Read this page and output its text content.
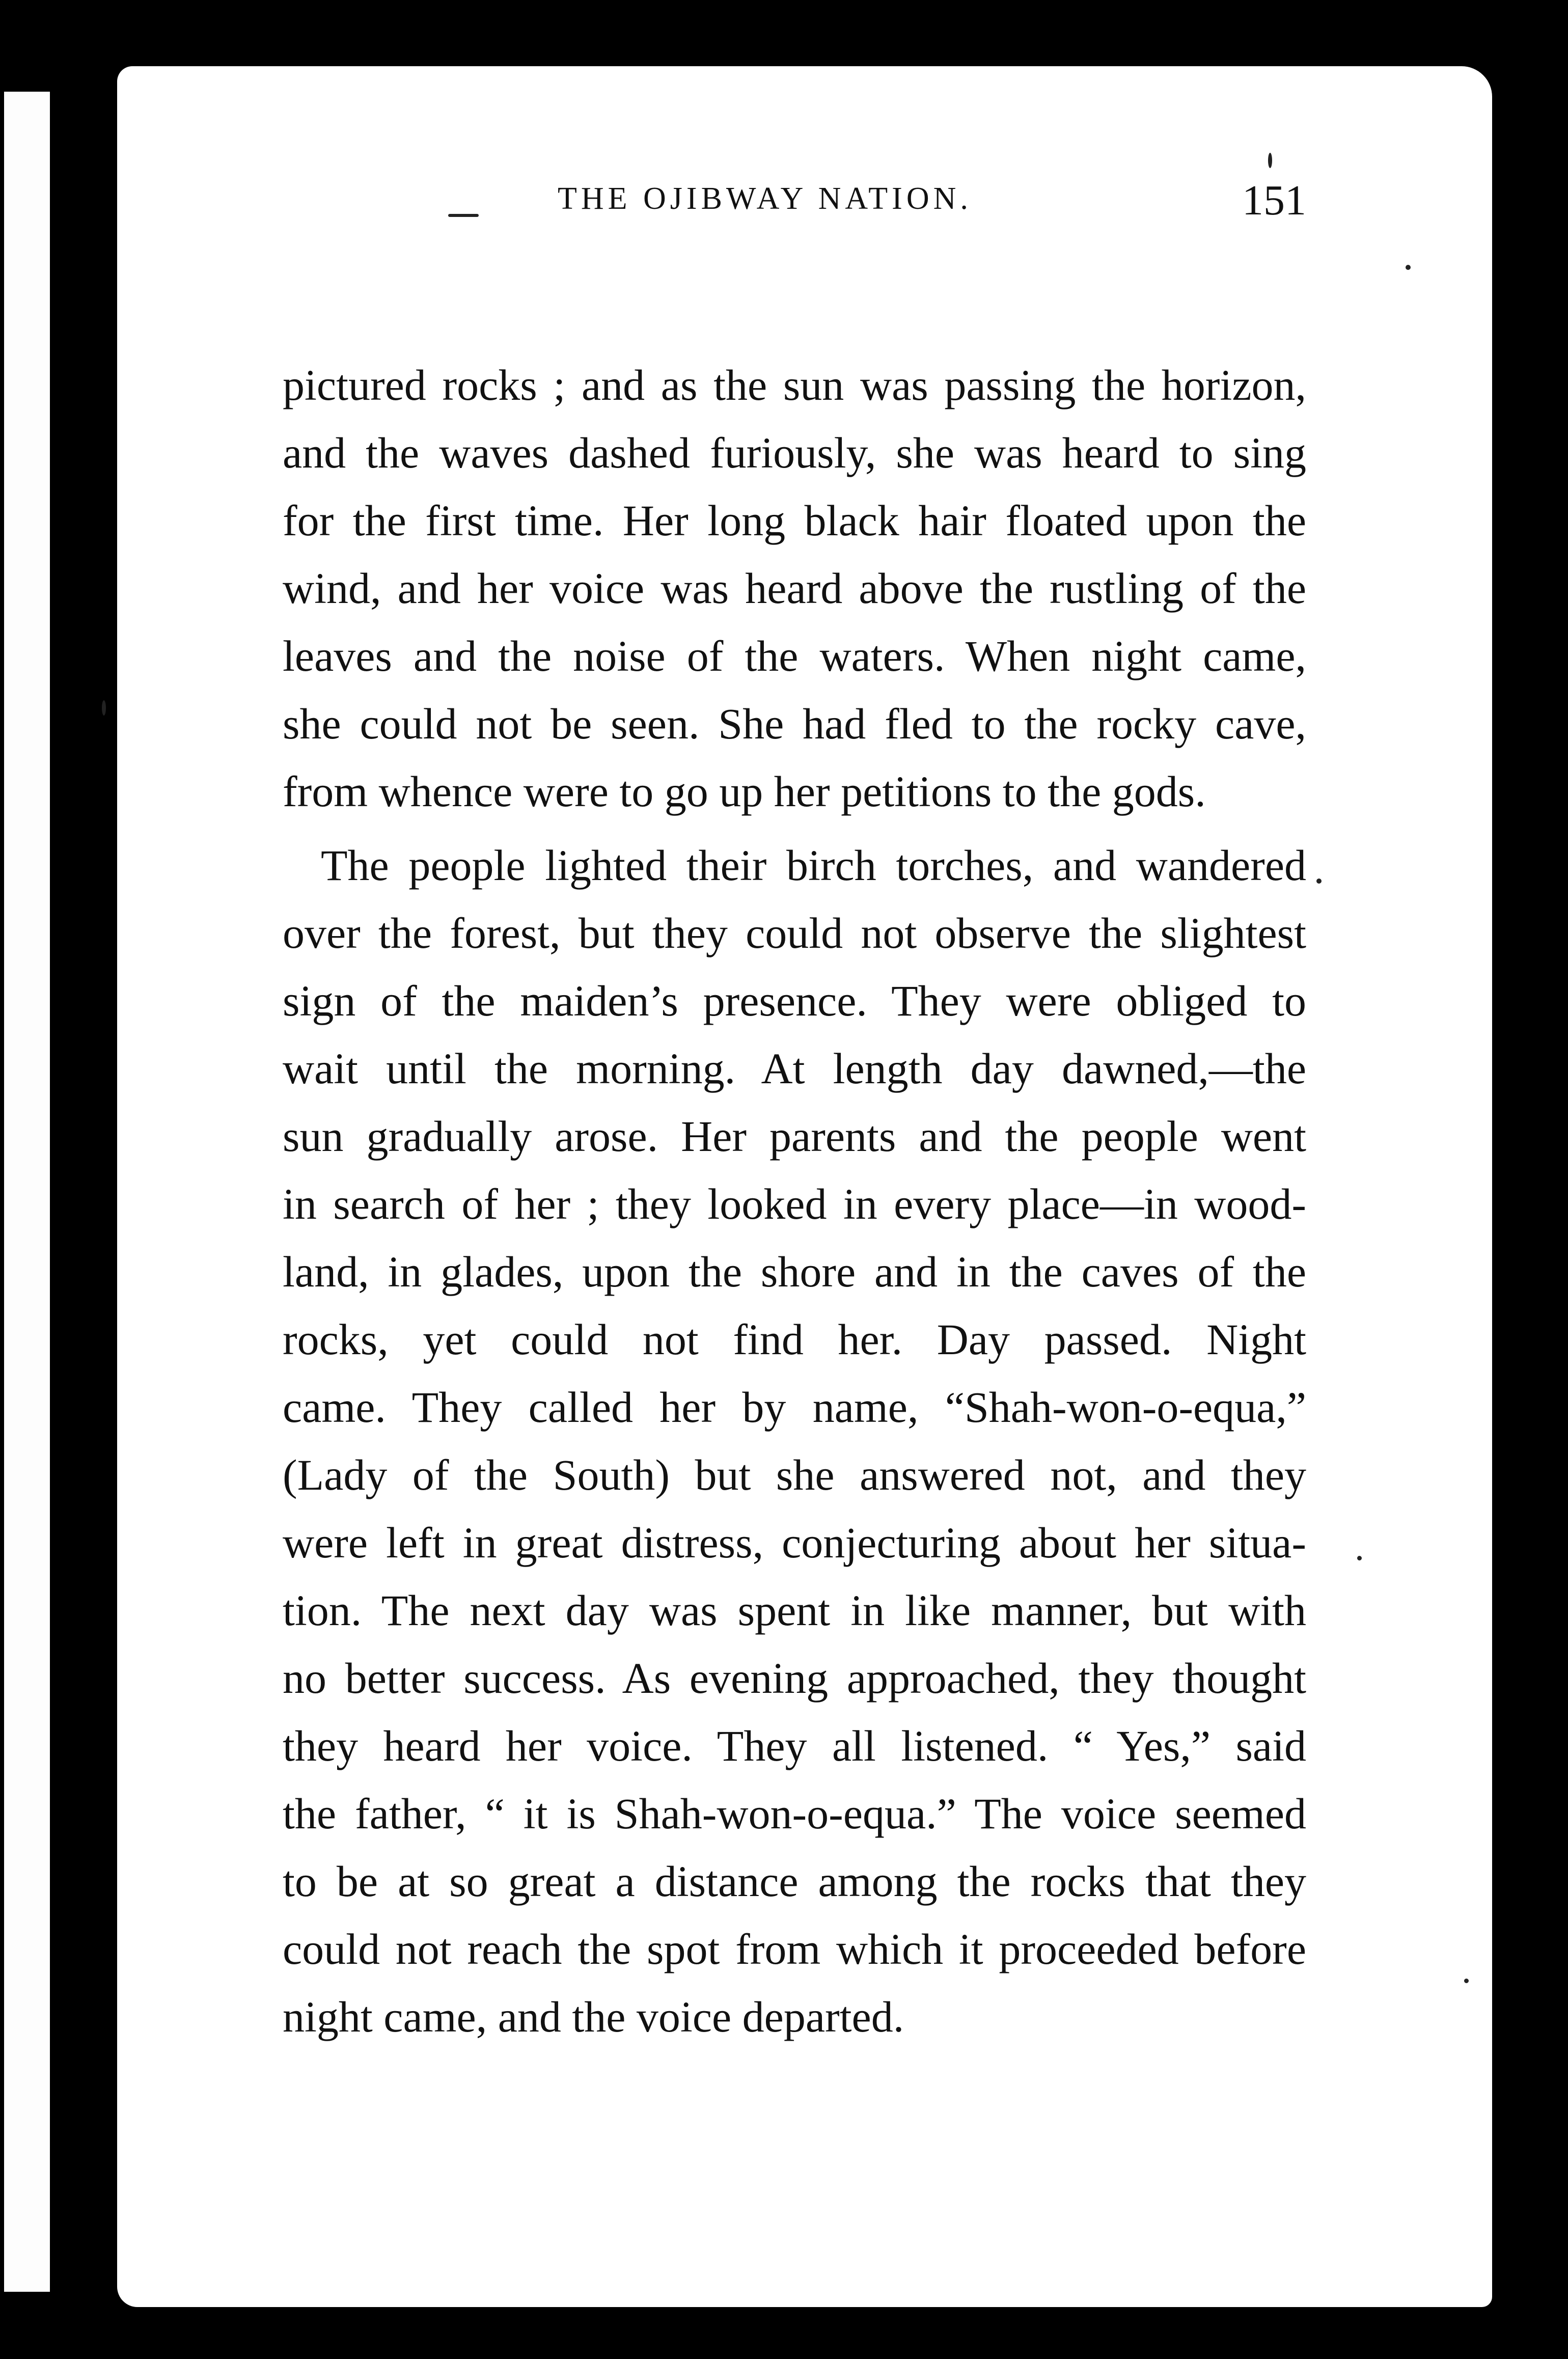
THE OJIBWAY NATION.	151
pictured rocks ; and as the sun was passing the horizon,
and the waves dashed furiously, she was heard to sing
for the first time. Her long black hair floated upon the
wind, and her voice was heard above the rustling of the
leaves and the noise of the waters. When night came,
she could not be seen. She had fled to the rocky cave,
from whence were to go up her petitions to the gods.
The people lighted their birch torches, and wandered
over the forest, but they could not observe the slightest
sign of the maiden’s presence. They were obliged to
wait until the morning. At length day dawned,—the
sun gradually arose. Her parents and the people went
in search of her ; they looked in every place—in wood-
land, in glades, upon the shore and in the caves of the
rocks, yet could not find her. Day passed. Night
came. They called her by name, “Shah-won-o-equa,”
(Lady of the South) but she answered not, and they
were left in great distress, conjecturing about her situa-
tion. The next day was spent in like manner, but with
no better success. As evening approached, they thought
they heard her voice. They all listened. “ Yes,” said
the father, “ it is Shah-won-o-equa.” The voice seemed
to be at so great a distance among the rocks that they
could not reach the spot from which it proceeded before
night came, and the voice departed.
